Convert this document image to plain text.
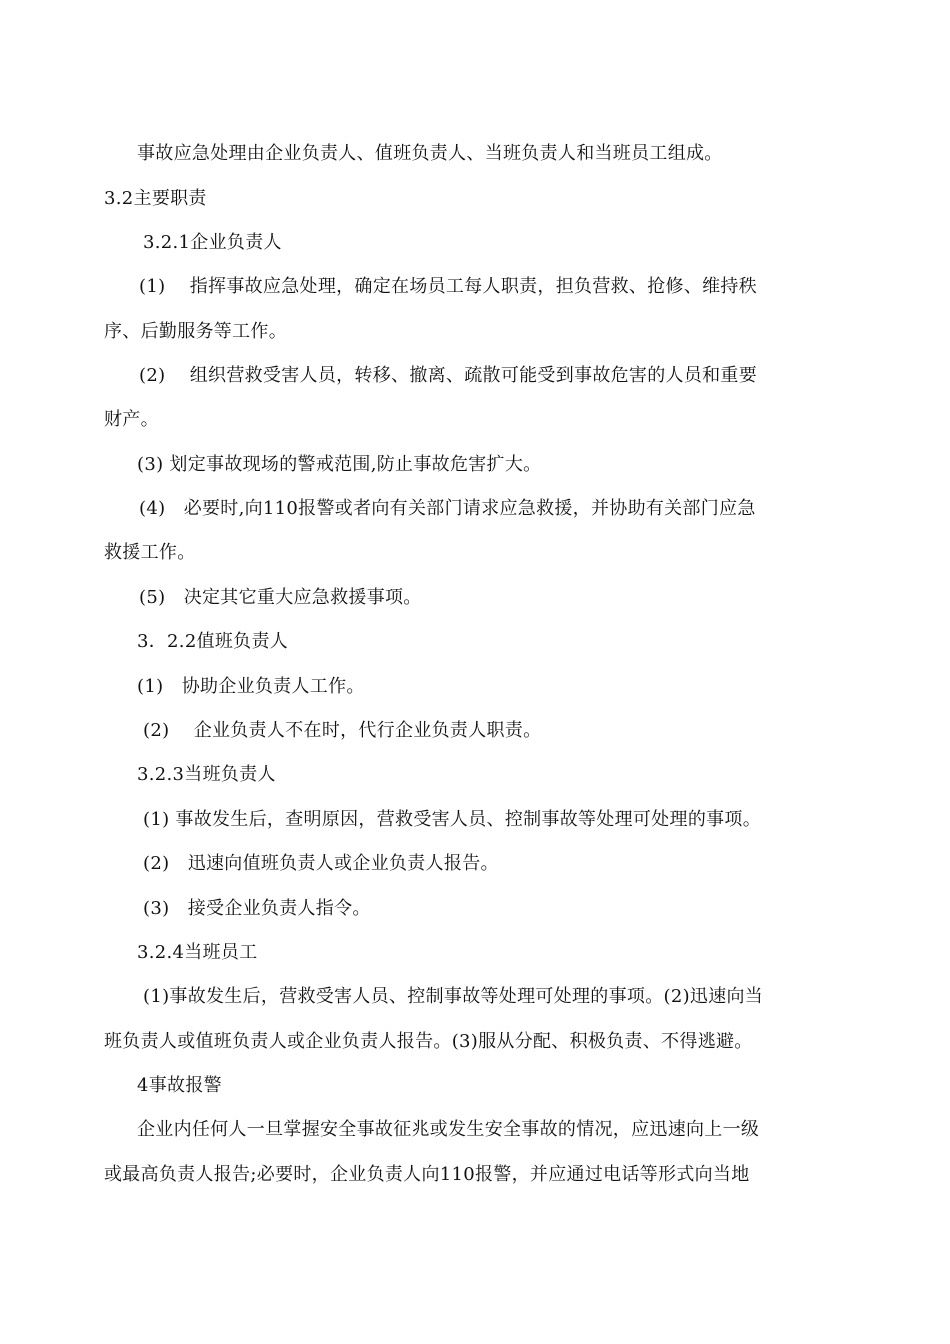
事故应急处理由企业负责人、值班负责人、当班负责人和当班员工组成。
3.2主要职责
3.2.1企业负责人
(1)　 指挥事故应急处理，确定在场员工每人职责，担负营救、抢修、维持秩
序、后勤服务等工作。
(2)　 组织营救受害人员，转移、撤离、疏散可能受到事故危害的人员和重要
财产。
(3) 划定事故现场的警戒范围,防止事故危害扩大。
(4)　必要时,向110报警或者向有关部门请求应急救援，并协助有关部门应急
救援工作。
(5)　决定其它重大应急救援事项。
3．2.2值班负责人
(1)　协助企业负责人工作。
(2)　 企业负责人不在时，代行企业负责人职责。
3.2.3当班负责人
(1) 事故发生后，查明原因，营救受害人员、控制事故等处理可处理的事项。
(2)　迅速向值班负责人或企业负责人报告。
(3)　接受企业负责人指令。
3.2.4当班员工
(1)事故发生后，营救受害人员、控制事故等处理可处理的事项。(2)迅速向当
班负责人或值班负责人或企业负责人报告。(3)服从分配、积极负责、不得逃避。
4事故报警
企业内任何人一旦掌握安全事故征兆或发生安全事故的情况，应迅速向上一级
或最高负责人报告;必要时，企业负责人向110报警，并应通过电话等形式向当地
